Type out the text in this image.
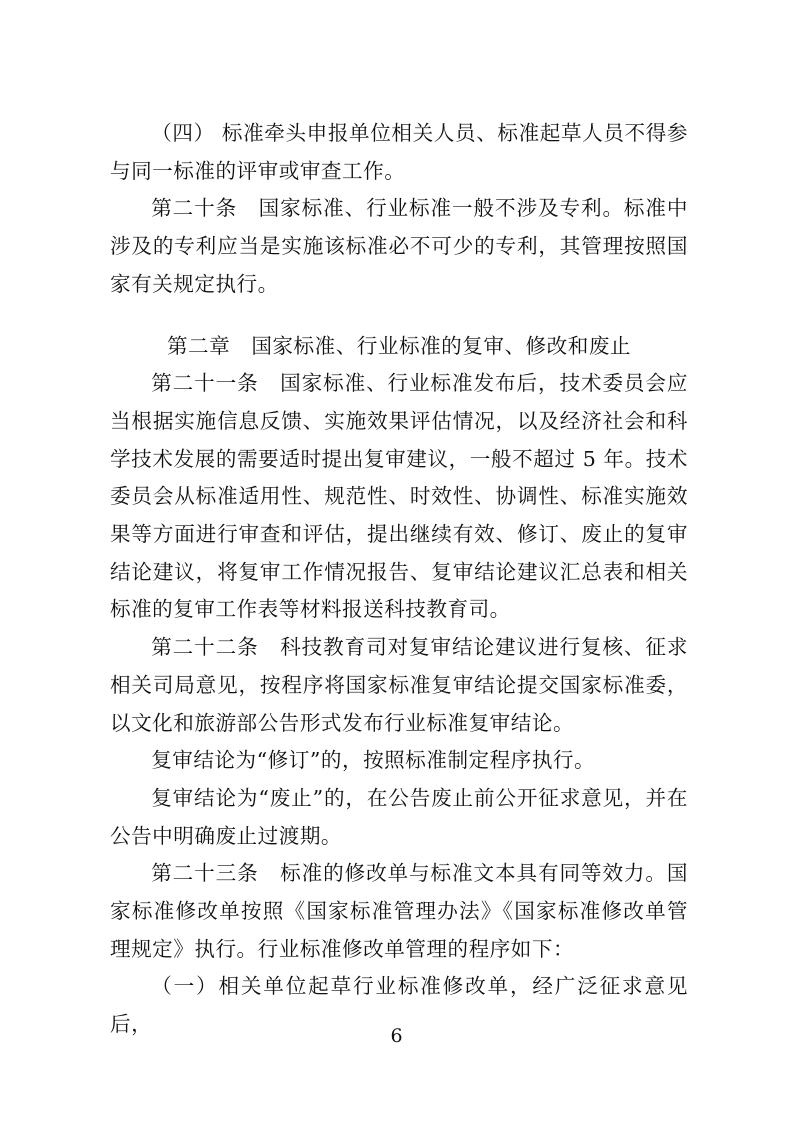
（四） 标准牵头申报单位相关人员、标准起草人员不得参与同一标准的评审或审查工作。

第二十条　国家标准、行业标准一般不涉及专利。标准中涉及的专利应当是实施该标准必不可少的专利，其管理按照国家有关规定执行。

第二章　国家标准、行业标准的复审、修改和废止

第二十一条　国家标准、行业标准发布后，技术委员会应当根据实施信息反馈、实施效果评估情况，以及经济社会和科学技术发展的需要适时提出复审建议，一般不超过 5 年。技术委员会从标准适用性、规范性、时效性、协调性、标准实施效果等方面进行审查和评估，提出继续有效、修订、废止的复审结论建议，将复审工作情况报告、复审结论建议汇总表和相关标准的复审工作表等材料报送科技教育司。

第二十二条　科技教育司对复审结论建议进行复核、征求相关司局意见，按程序将国家标准复审结论提交国家标准委，以文化和旅游部公告形式发布行业标准复审结论。

复审结论为“修订”的，按照标准制定程序执行。

复审结论为“废止”的，在公告废止前公开征求意见，并在公告中明确废止过渡期。

第二十三条　标准的修改单与标准文本具有同等效力。国家标准修改单按照《国家标准管理办法》《国家标准修改单管理规定》执行。行业标准修改单管理的程序如下：

（一）相关单位起草行业标准修改单，经广泛征求意见后，	6
